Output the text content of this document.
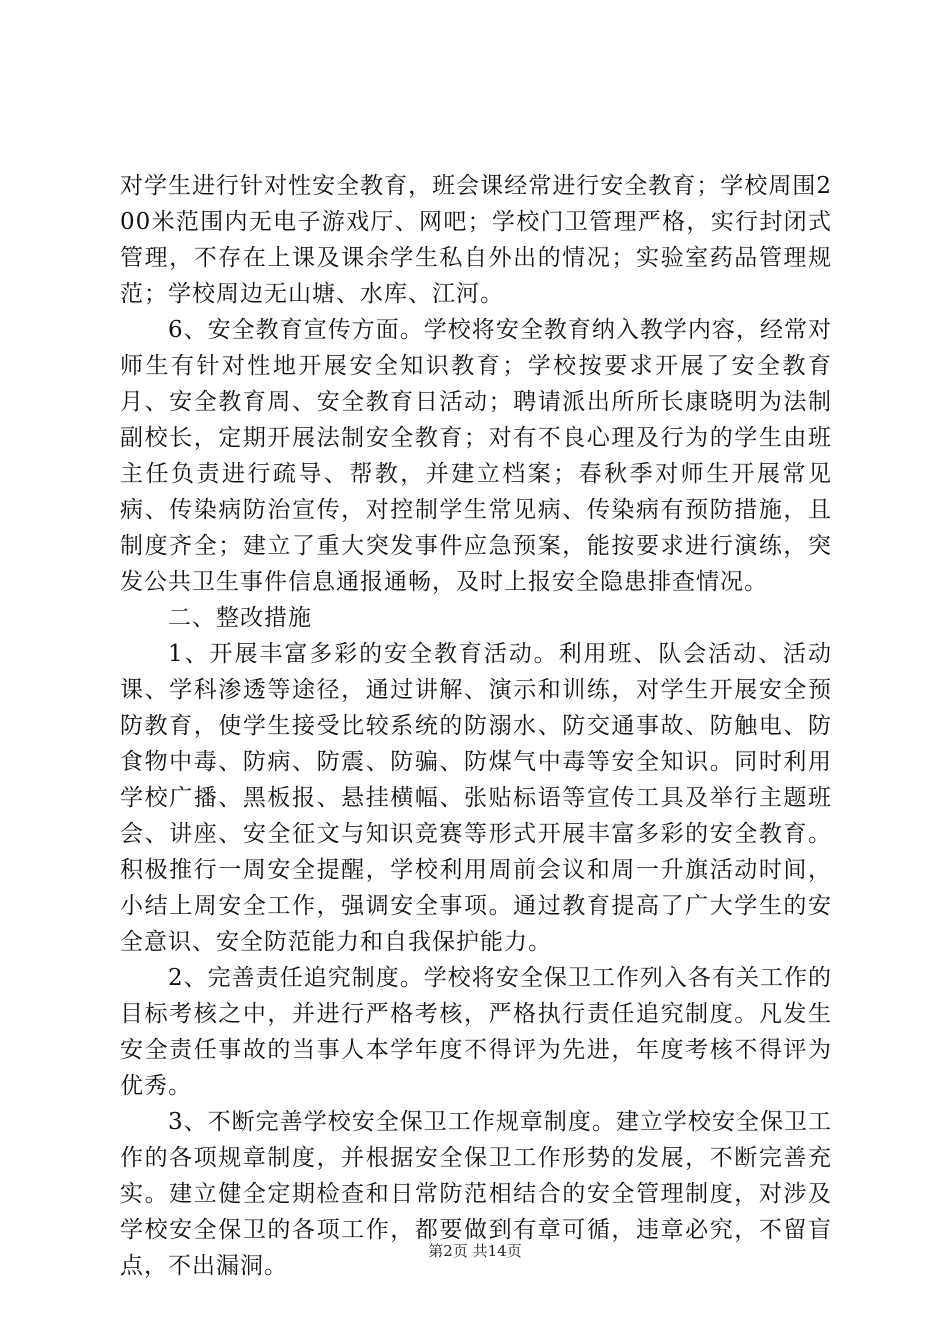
对学生进行针对性安全教育，班会课经常进行安全教育；学校周围200米范围内无电子游戏厅、网吧；学校门卫管理严格，实行封闭式管理，不存在上课及课余学生私自外出的情况；实验室药品管理规范；学校周边无山塘、水库、江河。

6、安全教育宣传方面。学校将安全教育纳入教学内容，经常对师生有针对性地开展安全知识教育；学校按要求开展了安全教育月、安全教育周、安全教育日活动；聘请派出所所长康晓明为法制副校长，定期开展法制安全教育；对有不良心理及行为的学生由班主任负责进行疏导、帮教，并建立档案；春秋季对师生开展常见病、传染病防治宣传，对控制学生常见病、传染病有预防措施，且制度齐全；建立了重大突发事件应急预案，能按要求进行演练，突发公共卫生事件信息通报通畅，及时上报安全隐患排查情况。

二、整改措施

1、开展丰富多彩的安全教育活动。利用班、队会活动、活动课、学科渗透等途径，通过讲解、演示和训练，对学生开展安全预防教育，使学生接受比较系统的防溺水、防交通事故、防触电、防食物中毒、防病、防震、防骗、防煤气中毒等安全知识。同时利用学校广播、黑板报、悬挂横幅、张贴标语等宣传工具及举行主题班会、讲座、安全征文与知识竞赛等形式开展丰富多彩的安全教育。积极推行一周安全提醒，学校利用周前会议和周一升旗活动时间，小结上周安全工作，强调安全事项。通过教育提高了广大学生的安全意识、安全防范能力和自我保护能力。

2、完善责任追究制度。学校将安全保卫工作列入各有关工作的目标考核之中，并进行严格考核，严格执行责任追究制度。凡发生安全责任事故的当事人本学年度不得评为先进，年度考核不得评为优秀。

3、不断完善学校安全保卫工作规章制度。建立学校安全保卫工作的各项规章制度，并根据安全保卫工作形势的发展，不断完善充实。建立健全定期检查和日常防范相结合的安全管理制度，对涉及学校安全保卫的各项工作，都要做到有章可循，违章必究，不留盲点，不出漏洞。

第2页 共14页
